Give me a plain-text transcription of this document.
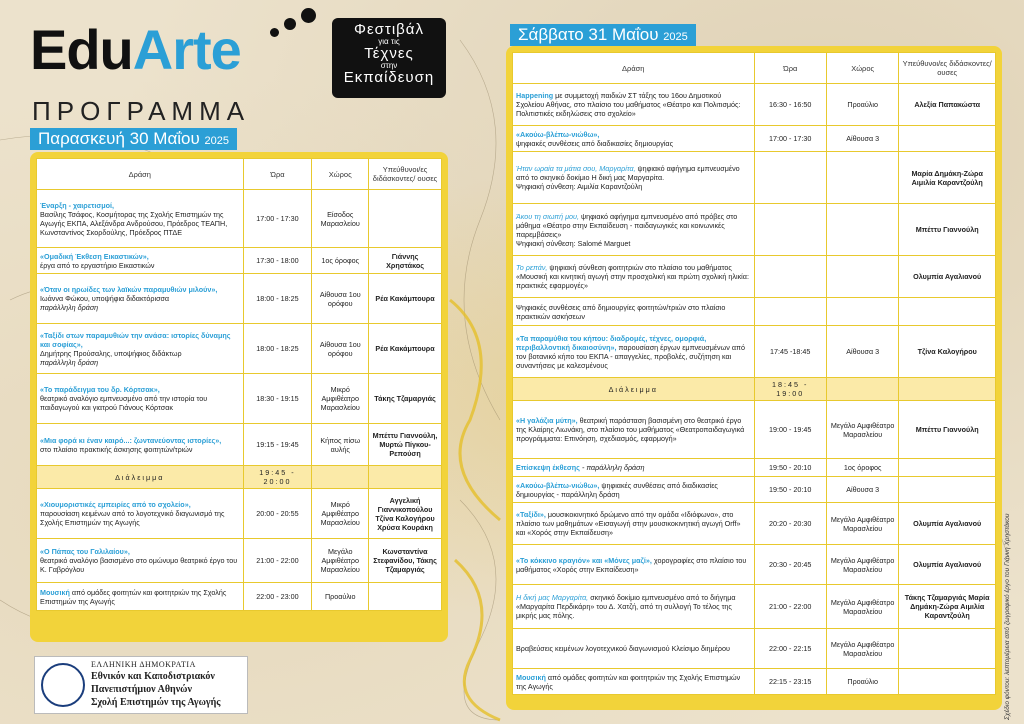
EduArte	Φεστιβάλ
για τις
Τέχνες
στην
Εκπαίδευση
ΠΡΟΓΡΑΜΜΑ
Παρασκευή 30 Μαΐου 2025
Δράση	Ώρα	Χώρος	Υπεύθυνοι/ες διδάσκοντες/ ουσες
Έναρξη - χαιρετισμοί,
Βασίλης Τσάφος, Κοσμήτορας της Σχολής Επιστημών της Αγωγής ΕΚΠΑ, Αλεξάνδρα Ανδρούσου, Πρόεδρος ΤΕΑΠΗ, Κωνσταντίνος Σκορδούλης, Πρόεδρος ΠΤΔΕ	17:00 - 17:30	Είσοδος Μαρασλείου	
«Ομαδική Έκθεση Εικαστικών»,
έργα από το εργαστήριο Εικαστικών	17:30 - 18:00	1ος όροφος	Γιάννης Χρηστάκος
«Όταν οι ηρωίδες των λαϊκών παραμυθιών μιλούν»,
Ιωάννα Φώκου, υποψήφια διδακτόρισσα
παράλληλη δράση	18:00 - 18:25	Αίθουσα 1ου ορόφου	Ρέα Κακάμπουρα
«Ταξίδι στων παραμυθιών την ανάσα: ιστορίες δύναμης και σοφίας»,
Δημήτρης Προύσαλης, υποψήφιος διδάκτωρ
παράλληλη δράση	18:00 - 18:25	Αίθουσα 1ου ορόφου	Ρέα Κακάμπουρα
«Το παράδειγμα του δρ. Κόρτσακ»,
θεατρικό αναλόγιο εμπνευσμένο από την ιστορία του παιδαγωγού και γιατρού Γιάνους Κόρτσακ	18:30 - 19:15	Μικρό Αμφιθέατρο Μαρασλείου	Τάκης Τζαμαργιάς
«Μια φορά κι έναν καιρό...: ζωντανεύοντας ιστορίες»,
στο πλαίσιο πρακτικής άσκησης φοιτητών/τριών	19:15 - 19:45	Κήπος πίσω αυλής	Μπέττυ Γιαννούλη, Μυρτώ Πίγκου-Ρεπούση
Διάλειμμα	19:45 - 20:00		
«Χιουμοριστικές εμπειρίες από το σχολείο»,
παρουσίαση κειμένων από το λογοτεχνικό διαγωνισμό της Σχολής Επιστημών της Αγωγής	20:00 - 20:55	Μικρό Αμφιθέατρο Μαρασλείου	Αγγελική Γιαννικοπούλου Τζίνα Καλογήρου Χρύσα Κουράκη
«Ο Πάπας του Γαλιλαίου»,
θεατρικό αναλόγιο βασισμένο στο ομώνυμο θεατρικό έργο του Κ. Γαβρόγλου	21:00 - 22:00	Μεγάλο Αμφιθέατρο Μαρασλείου	Κωνσταντίνα Στεφανίδου, Τάκης Τζαμαργιάς
Μουσική από ομάδες φοιτητών και φοιτητριών της Σχολής Επιστημών της Αγωγής	22:00 - 23:00	Προαύλιο	
Σάββατο 31 Μαΐου 2025
Δράση	Ώρα	Χώρος	Υπεύθυνοι/ες διδάσκοντες/ουσες
Happening με συμμετοχή παιδιών ΣΤ τάξης του 16ου Δημοτικού Σχολείου Αθήνας, στο πλαίσιο του μαθήματος «Θέατρο και Πολιτισμός: Πολιτιστικές εκδηλώσεις στο σχολείο»	16:30 - 16:50	Προαύλιο	Αλεξία Παπακώστα
«Ακούω-βλέπω-νιώθω»,
ψηφιακές συνθέσεις από διαδικασίες δημιουργίας	17:00 - 17:30	Αίθουσα 3	
Ήταν ωραία τα μάτια σου, Μαργαρίτα, ψηφιακό αφήγημα εμπνευσμένο από το σκηνικό δοκίμιο Η δική μας Μαργαρίτα.
Ψηφιακή σύνθεση: Αιμιλία Καραντζούλη			Μαρία Δημάκη-Ζώρα Αιμιλία Καραντζούλη
Άκου τη σιωπή μου, ψηφιακό αφήγημα εμπνευσμένο από πρόβες στο μάθημα «Θέατρο στην Εκπαίδευση - παιδαγωγικές και κοινωνικές παρεμβάσεις»
Ψηφιακή σύνθεση: Salomé Marguet			Μπέττυ Γιαννούλη
Το ρεπάν, ψηφιακή σύνθεση φοιτητριών στο πλαίσιο του μαθήματος «Μουσική και κινητική αγωγή στην προσχολική και πρώτη σχολική ηλικία: πρακτικές εφαρμογές»			Ολυμπία Αγαλιανού
Ψηφιακές συνθέσεις από δημιουργίες φοιτητών/τριών στο πλαίσιο πρακτικών ασκήσεων			
«Τα παραμύθια του κήπου: διαδρομές, τέχνες, ομορφιά, περιβαλλοντική δικαιοσύνη», παρουσίαση έργων εμπνευσμένων από τον βοτανικό κήπο του ΕΚΠΑ - απαγγελίες, προβολές, συζήτηση και συναντήσεις με καλεσμένους	17:45 -18:45	Αίθουσα 3	Τζίνα Καλογήρου
Διάλειμμα	18:45 - 19:00		
«Η γαλάζια μύτη», θεατρική παράσταση βασισμένη στο θεατρικό έργο της Κλαίρης Λιωνάκη, στο πλαίσιο του μαθήματος «Θεατροπαιδαγωγικά προγράμματα: Επινόηση, σχεδιασμός, εφαρμογή»	19:00 - 19:45	Μεγάλο Αμφιθέατρο Μαρασλείου	Μπέττυ Γιαννούλη
Επίσκεψη έκθεσης - παράλληλη δράση	19:50 - 20:10	1ος όροφος	
«Ακούω-βλέπω-νιώθω», ψηφιακές συνθέσεις από διαδικασίες δημιουργίας - παράλληλη δράση	19:50 - 20:10	Αίθουσα 3	
«Ταξίδι», μουσικοκινητικό δρώμενο από την ομάδα «Ιδιόφωνο», στο πλαίσιο των μαθημάτων «Εισαγωγή στην μουσικοκινητική αγωγή Orff» και «Χορός στην Εκπαίδευση»	20:20 - 20:30	Μεγάλο Αμφιθέατρο Μαρασλείου	Ολυμπία Αγαλιανού
«Το κόκκινο κραγιόν» και «Μόνες μαζί», χορογραφίες στο πλαίσιο του μαθήματος «Χορός στην Εκπαίδευση»	20:30 - 20:45	Μεγάλο Αμφιθέατρο Μαρασλείου	Ολυμπία Αγαλιανού
Η δική μας Μαργαρίτα, σκηνικό δοκίμιο εμπνευσμένο από το διήγημα «Μαργαρίτα Περδικάρη» του Δ. Χατζή, από τη συλλογή Το τέλος της μικρής μας πόλης.	21:00 - 22:00	Μεγάλο Αμφιθέατρο Μαρασλείου	Τάκης Τζαμαργιάς Μαρία Δημάκη-Ζώρα Αιμιλία Καραντζούλη
Βραβεύσεις κειμένων λογοτεχνικού διαγωνισμού Κλείσιμο διημέρου	22:00 - 22:15	Μεγάλο Αμφιθέατρο Μαρασλείου	
Μουσική από ομάδες φοιτητών και φοιτητριών της Σχολής Επιστημών της Αγωγής	22:15 - 23:15	Προαύλιο	
ΕΛΛΗΝΙΚΗ ΔΗΜΟΚΡΑΤΙΑ
Εθνικόν και Καποδιστριακόν
Πανεπιστήμιον Αθηνών
Σχολή Επιστημών της Αγωγής	Σχέδιο φόντου: λεπτομέρεια από ζωγραφικό έργο του Γιάννη Χρηστάκου
